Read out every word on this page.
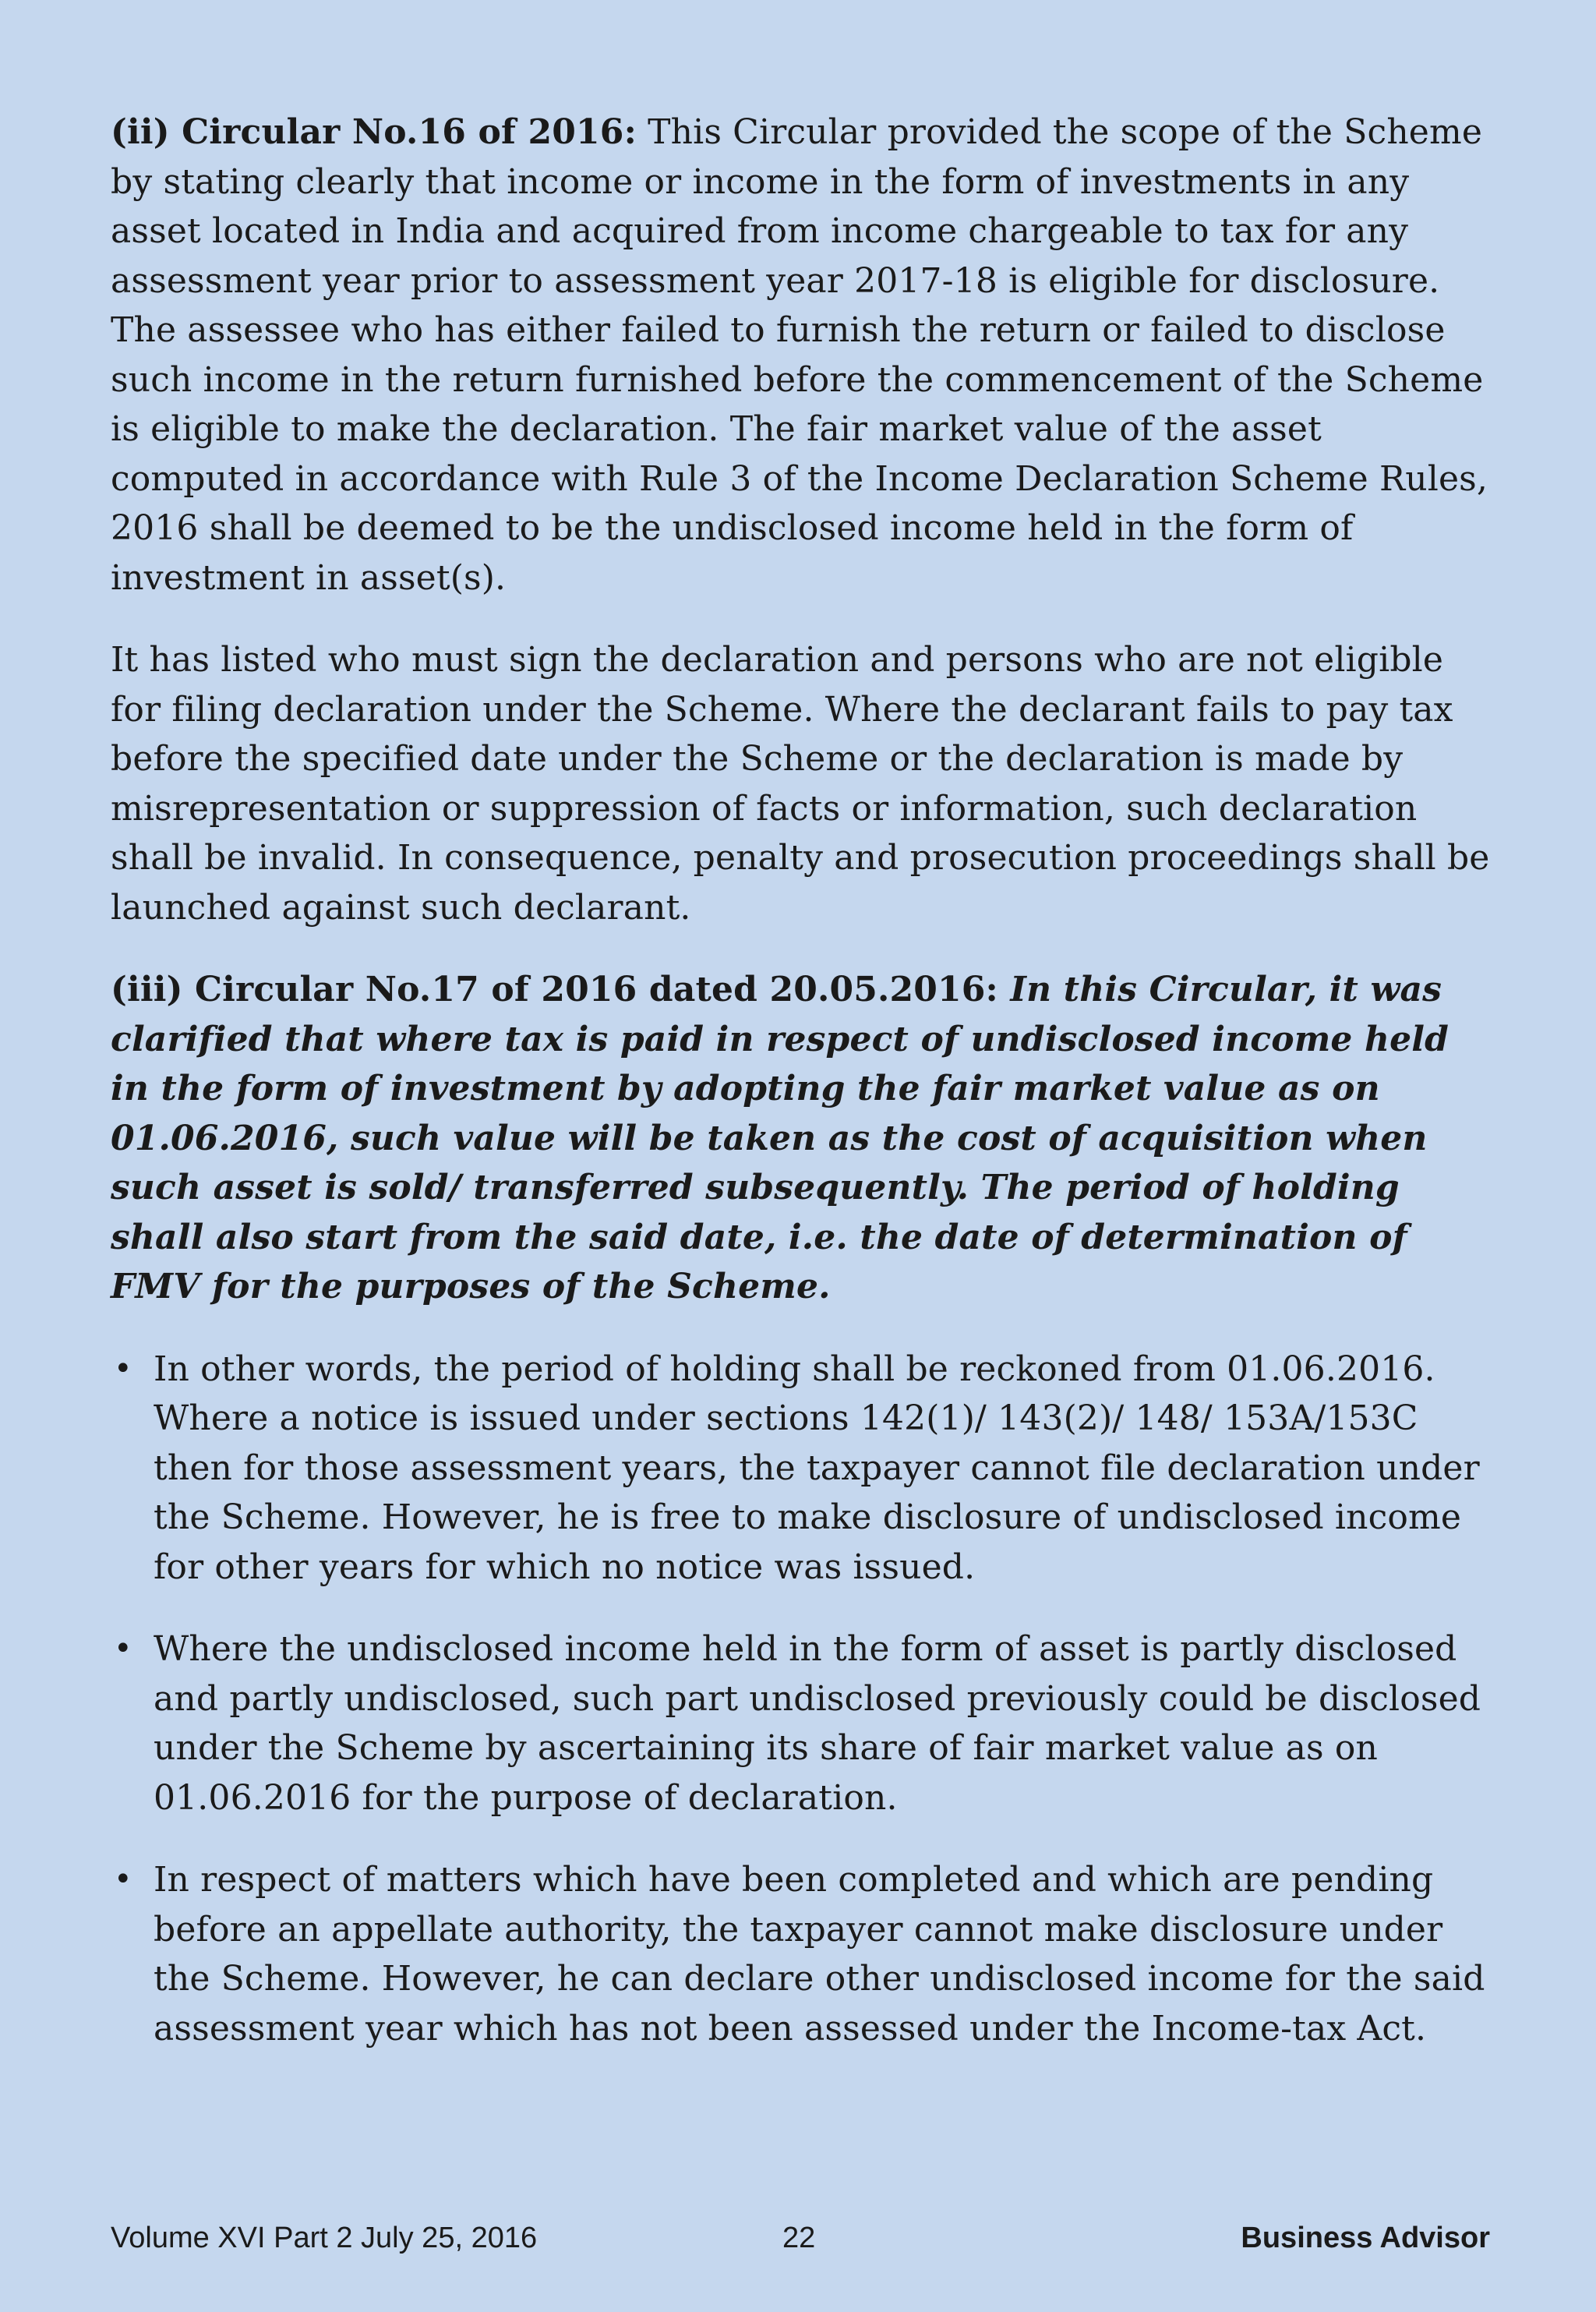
(ii) Circular No.16 of 2016: This Circular provided the scope of the Scheme by stating clearly that income or income in the form of investments in any asset located in India and acquired from income chargeable to tax for any assessment year prior to assessment year 2017-18 is eligible for disclosure. The assessee who has either failed to furnish the return or failed to disclose such income in the return furnished before the commencement of the Scheme is eligible to make the declaration. The fair market value of the asset computed in accordance with Rule 3 of the Income Declaration Scheme Rules, 2016 shall be deemed to be the undisclosed income held in the form of investment in asset(s).

It has listed who must sign the declaration and persons who are not eligible for filing declaration under the Scheme. Where the declarant fails to pay tax before the specified date under the Scheme or the declaration is made by misrepresentation or suppression of facts or information, such declaration shall be invalid. In consequence, penalty and prosecution proceedings shall be launched against such declarant.

(iii) Circular No.17 of 2016 dated 20.05.2016: In this Circular, it was clarified that where tax is paid in respect of undisclosed income held in the form of investment by adopting the fair market value as on 01.06.2016, such value will be taken as the cost of acquisition when such asset is sold/ transferred subsequently. The period of holding shall also start from the said date, i.e. the date of determination of FMV for the purposes of the Scheme.

• In other words, the period of holding shall be reckoned from 01.06.2016. Where a notice is issued under sections 142(1)/ 143(2)/ 148/ 153A/153C then for those assessment years, the taxpayer cannot file declaration under the Scheme. However, he is free to make disclosure of undisclosed income for other years for which no notice was issued.
• Where the undisclosed income held in the form of asset is partly disclosed and partly undisclosed, such part undisclosed previously could be disclosed under the Scheme by ascertaining its share of fair market value as on 01.06.2016 for the purpose of declaration.
• In respect of matters which have been completed and which are pending before an appellate authority, the taxpayer cannot make disclosure under the Scheme. However, he can declare other undisclosed income for the said assessment year which has not been assessed under the Income-tax Act.
Volume XVI Part 2 July 25, 2016	22	Business Advisor
